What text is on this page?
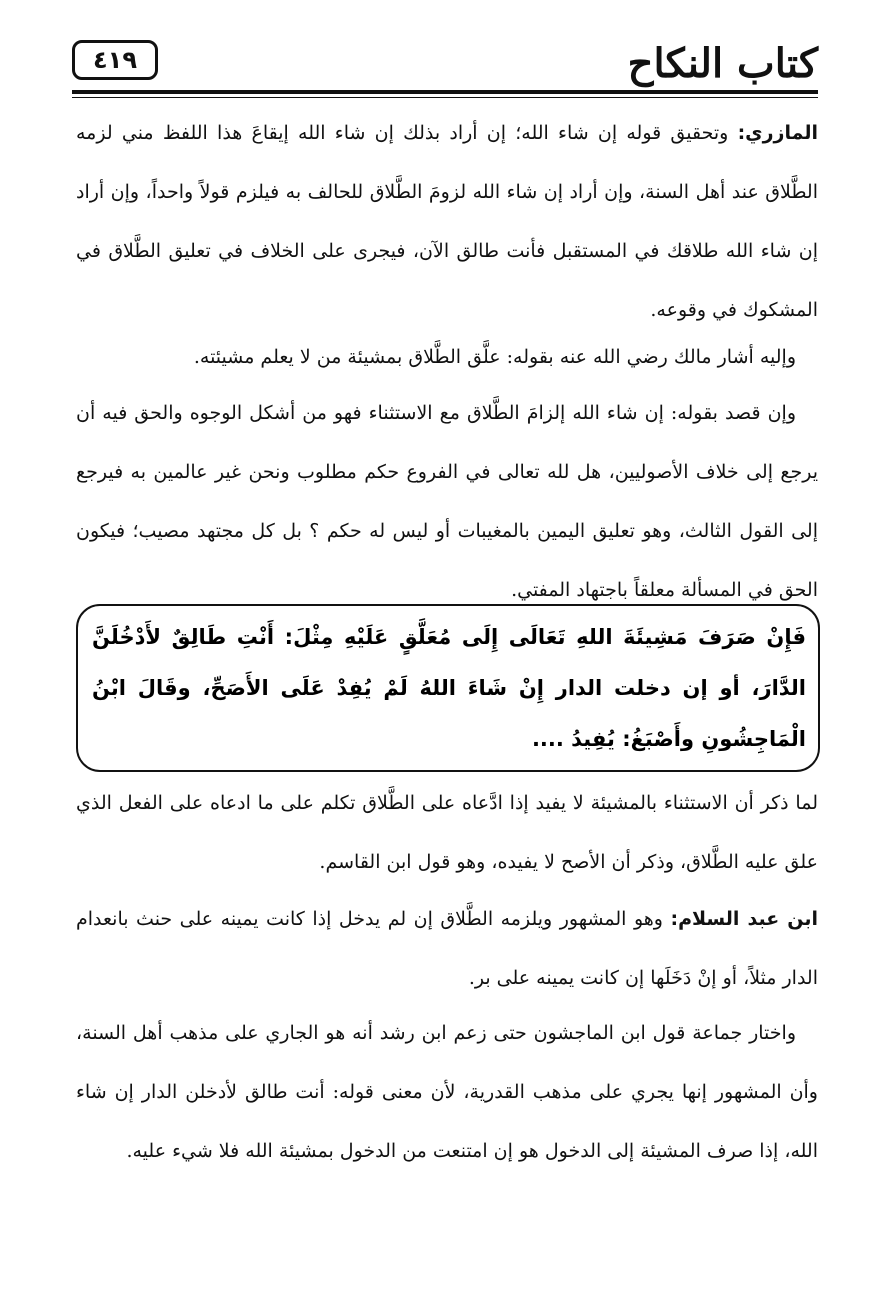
كتاب النكاح
٤١٩
المازري: وتحقيق قوله إن شاء الله؛ إن أراد بذلك إن شاء الله إيقاعَ هذا اللفظ مني لزمه الطَّلاق عند أهل السنة، وإن أراد إن شاء الله لزومَ الطَّلاق للحالف به فيلزم قولاً واحداً، وإن أراد إن شاء الله طلاقك في المستقبل فأنت طالق الآن، فيجرى على الخلاف في تعليق الطَّلاق في المشكوك في وقوعه.
وإليه أشار مالك رضي الله عنه بقوله: علَّق الطَّلاق بمشيئة من لا يعلم مشيئته.
وإن قصد بقوله: إن شاء الله إلزامَ الطَّلاق مع الاستثناء فهو من أشكل الوجوه والحق فيه أن يرجع إلى خلاف الأصوليين، هل لله تعالى في الفروع حكم مطلوب ونحن غير عالمين به فيرجع إلى القول الثالث، وهو تعليق اليمين بالمغيبات أو ليس له حكم ؟ بل كل مجتهد مصيب؛ فيكون الحق في المسألة معلقاً باجتهاد المفتي.
فَإِنْ صَرَفَ مَشِيئَةَ اللهِ تَعَالَى إِلَى مُعَلَّقٍ عَلَيْهِ مِثْلَ: أَنْتِ طَالِقٌ لأَدْخُلَنَّ الدَّارَ، أو إن دخلت الدار إِنْ شَاءَ اللهُ لَمْ يُفِدْ عَلَى الأَصَحِّ، وقَالَ ابْنُ الْمَاجِشُونِ وأَصْبَغُ: يُفِيدُ ....
لما ذكر أن الاستثناء بالمشيئة لا يفيد إذا ادَّعاه على الطَّلاق تكلم على ما ادعاه على الفعل الذي علق عليه الطَّلاق، وذكر أن الأصح لا يفيده، وهو قول ابن القاسم.
ابن عبد السلام: وهو المشهور ويلزمه الطَّلاق إن لم يدخل إذا كانت يمينه على حنث بانعدام الدار مثلاً، أو إنْ دَخَلَها إن كانت يمينه على بر.
واختار جماعة قول ابن الماجشون حتى زعم ابن رشد أنه هو الجاري على مذهب أهل السنة، وأن المشهور إنها يجري على مذهب القدرية، لأن معنى قوله: أنت طالق لأدخلن الدار إن شاء الله، إذا صرف المشيئة إلى الدخول هو إن امتنعت من الدخول بمشيئة الله فلا شيء عليه.
